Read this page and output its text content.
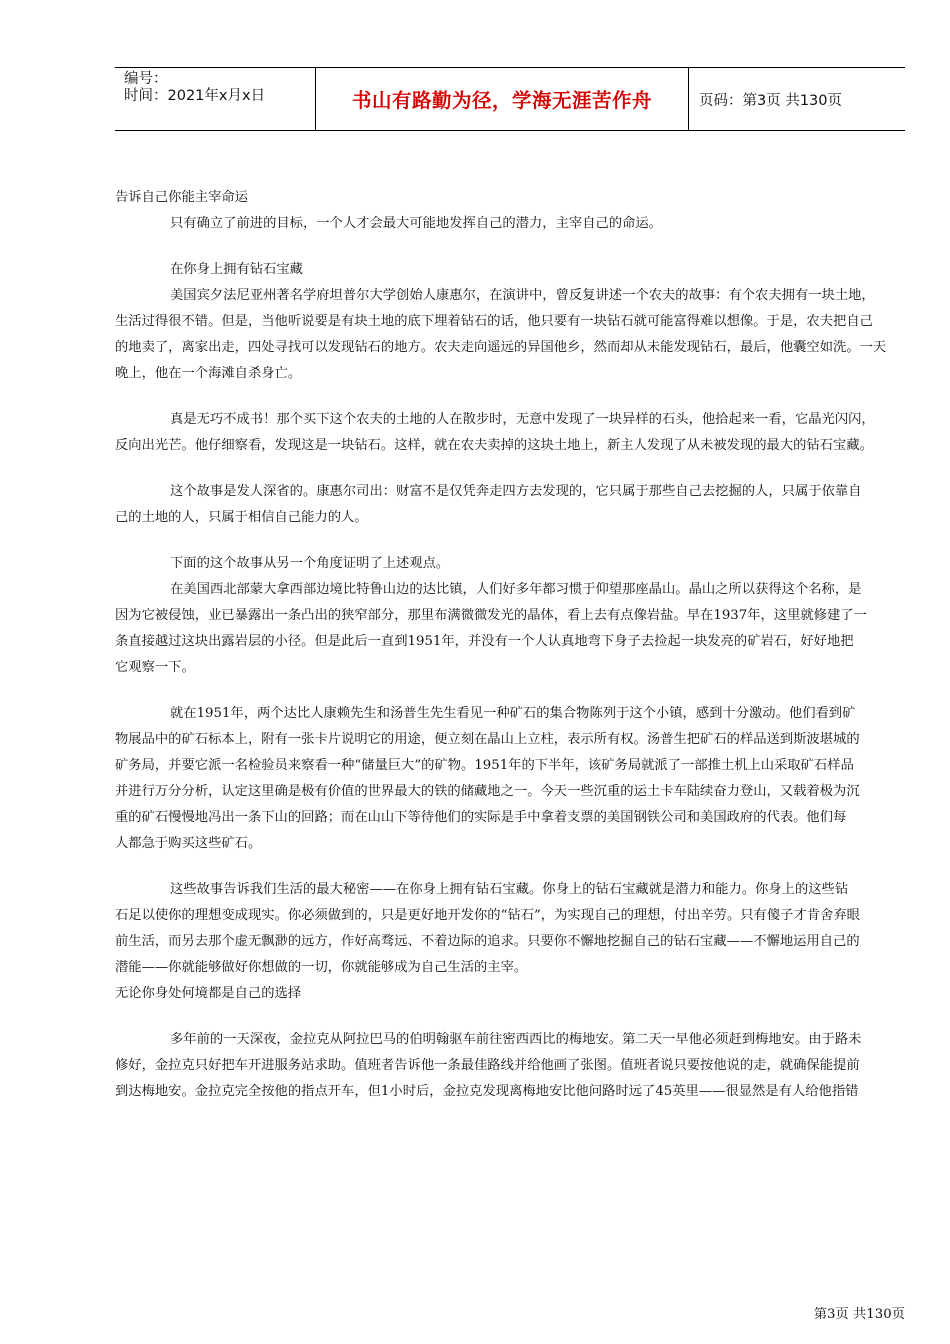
编号：
时间：2021年x月x日	书山有路勤为径，学海无涯苦作舟	页码：第3页 共130页
告诉自己你能主宰命运
只有确立了前进的目标，一个人才会最大可能地发挥自己的潜力，主宰自己的命运。
在你身上拥有钻石宝藏
美国宾夕法尼亚州著名学府坦普尔大学创始人康惠尔，在演讲中，曾反复讲述一个农夫的故事：有个农夫拥有一块土地，
生活过得很不错。但是，当他听说要是有块土地的底下埋着钻石的话，他只要有一块钻石就可能富得难以想像。于是，农夫把自己
的地卖了，离家出走，四处寻找可以发现钻石的地方。农夫走向遥远的异国他乡，然而却从未能发现钻石，最后，他囊空如洗。一天
晚上，他在一个海滩自杀身亡。
真是无巧不成书！那个买下这个农夫的土地的人在散步时，无意中发现了一块异样的石头，他拾起来一看，它晶光闪闪，
反向出光芒。他仔细察看，发现这是一块钻石。这样，就在农夫卖掉的这块土地上，新主人发现了从未被发现的最大的钻石宝藏。
这个故事是发人深省的。康惠尔司出：财富不是仅凭奔走四方去发现的，它只属于那些自己去挖掘的人，只属于依靠自
己的土地的人，只属于相信自己能力的人。
下面的这个故事从另一个角度证明了上述观点。
在美国西北部蒙大拿西部边境比特鲁山边的达比镇，人们好多年都习惯于仰望那座晶山。晶山之所以获得这个名称，是
因为它被侵蚀，业已暴露出一条凸出的狭窄部分，那里布满微微发光的晶体，看上去有点像岩盐。早在1937年，这里就修建了一
条直接越过这块出露岩层的小径。但是此后一直到1951年，并没有一个人认真地弯下身子去捡起一块发亮的矿岩石，好好地把
它观察一下。
就在1951年，两个达比人康赖先生和汤普生先生看见一种矿石的集合物陈列于这个小镇，感到十分激动。他们看到矿
物展品中的矿石标本上，附有一张卡片说明它的用途，便立刻在晶山上立柱，表示所有权。汤普生把矿石的样品送到斯波堪城的
矿务局，并要它派一名检验员来察看一种“储量巨大”的矿物。1951年的下半年，该矿务局就派了一部推土机上山采取矿石样品
并进行万分分析，认定这里确是极有价值的世界最大的铁的储藏地之一。今天一些沉重的运土卡车陆续奋力登山，又载着极为沉
重的矿石慢慢地冯出一条下山的回路；而在山山下等待他们的实际是手中拿着支票的美国钢铁公司和美国政府的代表。他们每
人都急于购买这些矿石。
这些故事告诉我们生活的最大秘密——在你身上拥有钻石宝藏。你身上的钻石宝藏就是潜力和能力。你身上的这些钻
石足以使你的理想变成现实。你必须做到的，只是更好地开发你的“钻石”，为实现自己的理想，付出辛劳。只有傻子才肯舍弃眼
前生活，而另去那个虚无飘渺的远方，作好高骛远、不着边际的追求。只要你不懈地挖掘自己的钻石宝藏——不懈地运用自己的
潜能——你就能够做好你想做的一切，你就能够成为自己生活的主宰。
无论你身处何境都是自己的选择
多年前的一天深夜，金拉克从阿拉巴马的伯明翰驱车前往密西西比的梅地安。第二天一早他必须赶到梅地安。由于路未
修好，金拉克只好把车开进服务站求助。值班者告诉他一条最佳路线并给他画了张图。值班者说只要按他说的走，就确保能提前
到达梅地安。金拉克完全按他的指点开车，但1小时后，金拉克发现离梅地安比他问路时远了45英里——很显然是有人给他指错
第3页 共130页
